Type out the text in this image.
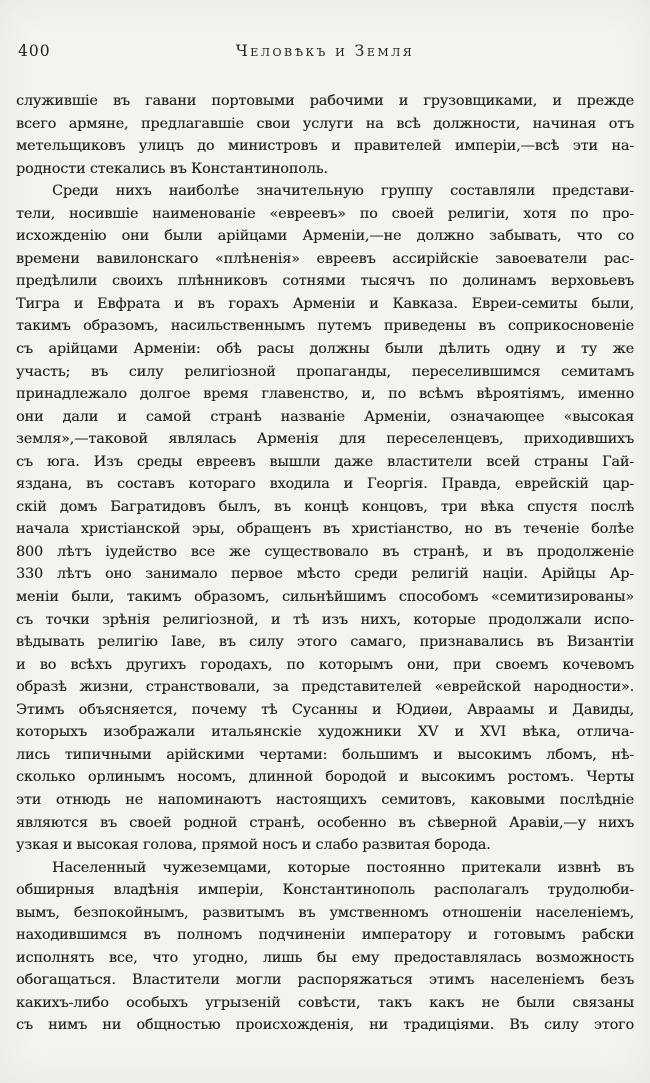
400	Человѣкъ и Земля
служившіе въ гавани портовыми рабочими и грузовщиками, и прежде
всего армяне, предлагавшіе свои услуги на всѣ должности, начиная отъ
метельщиковъ улицъ до министровъ и правителей имперіи,—всѣ эти на-
родности стекались въ Константинополь.
Среди нихъ наиболѣе значительную группу составляли представи-
тели, носившіе наименованіе «евреевъ» по своей религіи, хотя по про-
исхожденію они были арійцами Арменіи,—не должно забывать, что со
времени вавилонскаго «плѣненія» евреевъ ассирійскіе завоеватели рас-
предѣлили своихъ плѣнниковъ сотнями тысячъ по долинамъ верховьевъ
Тигра и Евфрата и въ горахъ Арменіи и Кавказа. Евреи-семиты были,
такимъ образомъ, насильственнымъ путемъ приведены въ соприкосновеніе
съ арійцами Арменіи: обѣ расы должны были дѣлить одну и ту же
участь; въ силу религіозной пропаганды, переселившимся семитамъ
принадлежало долгое время главенство, и, по всѣмъ вѣроятіямъ, именно
они дали и самой странѣ названіе Арменіи, означающее «высокая
земля»,—таковой являлась Арменія для переселенцевъ, приходившихъ
съ юга. Изъ среды евреевъ вышли даже властители всей страны Гай-
яздана, въ составъ котораго входила и Георгія. Правда, еврейскій цар-
скій домъ Багратидовъ былъ, въ концѣ концовъ, три вѣка спустя послѣ
начала христіанской эры, обращенъ въ христіанство, но въ теченіе болѣе
800 лѣтъ іудейство все же существовало въ странѣ, и въ продолженіе
330 лѣтъ оно занимало первое мѣсто среди религій націи. Арійцы Ар-
меніи были, такимъ образомъ, сильнѣйшимъ способомъ «семитизированы»
съ точки зрѣнія религіозной, и тѣ изъ нихъ, которые продолжали испо-
вѣдывать религію Іаве, въ силу этого самаго, признавались въ Византіи
и во всѣхъ другихъ городахъ, по которымъ они, при своемъ кочевомъ
образѣ жизни, странствовали, за представителей «еврейской народности».
Этимъ объясняется, почему тѣ Сусанны и Юдиѳи, Авраамы и Давиды,
которыхъ изображали итальянскіе художники XV и XVI вѣка, отлича-
лись типичными арійскими чертами: большимъ и высокимъ лбомъ, нѣ-
сколько орлинымъ носомъ, длинной бородой и высокимъ ростомъ. Черты
эти отнюдь не напоминаютъ настоящихъ семитовъ, каковыми послѣдніе
являются въ своей родной странѣ, особенно въ сѣверной Аравіи,—у нихъ
узкая и высокая голова, прямой носъ и слабо развитая борода.
Населенный чужеземцами, которые постоянно притекали извнѣ въ
обширныя владѣнія имперіи, Константинополь располагалъ трудолюби-
вымъ, безпокойнымъ, развитымъ въ умственномъ отношеніи населеніемъ,
находившимся въ полномъ подчиненіи императору и готовымъ рабски
исполнять все, что угодно, лишь бы ему предоставлялась возможность
обогащаться. Властители могли распоряжаться этимъ населеніемъ безъ
какихъ-либо особыхъ угрызеній совѣсти, такъ какъ не были связаны
съ нимъ ни общностью происхожденія, ни традиціями. Въ силу этого
